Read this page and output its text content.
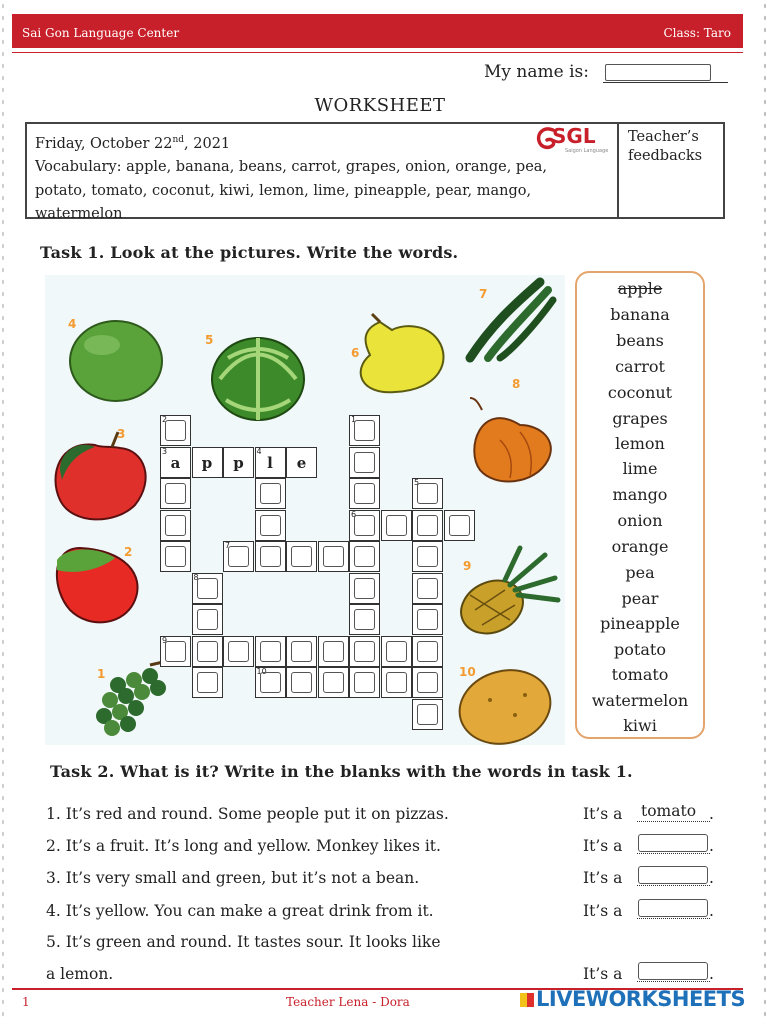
Sai Gon Language Center	Class: Taro
My name is:
WORKSHEET
Friday, October 22nd, 2021
Vocabulary: apple, banana, beans, carrot, grapes, onion, orange, pea,
potato, tomato, coconut, kiwi, lemon, lime, pineapple, pear, mango,
watermelon
SGL
Saigon Language
Teacher’s
feedbacks
Task 1. Look at the pictures. Write the words.
1
2
3
4
5
6
7
8
9
10
1
6
2
3
a	p	p
4
l	e
5
7
8
9
10
apple
banana
beans
carrot
coconut
grapes
lemon
lime
mango
onion
orange
pea
pear
pineapple
potato
tomato
watermelon
kiwi
Task 2. What is it? Write in the blanks with the words in task 1.
1. It’s red and round. Some people put it on pizzas.
2. It’s a fruit. It’s long and yellow. Monkey likes it.
3. It’s very small and green, but it’s not a bean.
4. It’s yellow. You can make a great drink from it.
5. It’s green and round. It tastes sour. It looks like
a lemon.
It’s a
It’s a
It’s a
It’s a
It’s a
tomato .
.
.
.
.
1	Teacher Lena - Dora	LIVEWORKSHEETS
